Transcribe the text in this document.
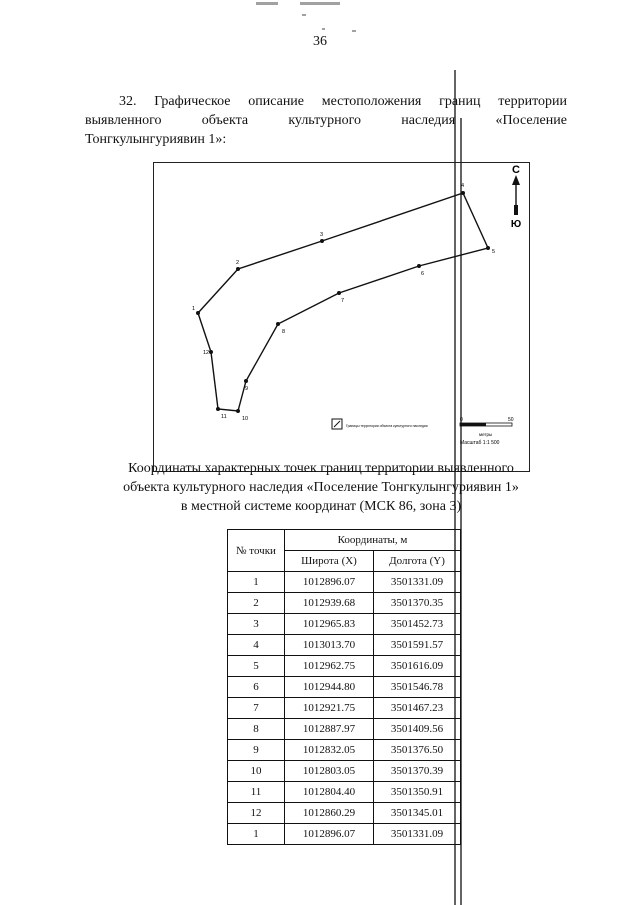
36
32. Графическое описание местоположения границ территории
выявленного	объекта	культурного	наследия	«Поселение
Тонгкулынгуриявин 1»:
1
2
3
4
5
6
7
8
9
10
11
12
С
Ю
Границы территории объекта культурного наследия
0	50
метры
Масштаб 1:1 500
Координаты характерных точек границ территории выявленного
объекта культурного наследия «Поселение Тонгкулынгуриявин 1»
в местной системе координат (МСК 86, зона 3)
№ точки	Координаты, м	
	Широта (X)	Долгота (Y)
1	1012896.07	3501331.09
2	1012939.68	3501370.35
3	1012965.83	3501452.73
4	1013013.70	3501591.57
5	1012962.75	3501616.09
6	1012944.80	3501546.78
7	1012921.75	3501467.23
8	1012887.97	3501409.56
9	1012832.05	3501376.50
10	1012803.05	3501370.39
11	1012804.40	3501350.91
12	1012860.29	3501345.01
1	1012896.07	3501331.09
